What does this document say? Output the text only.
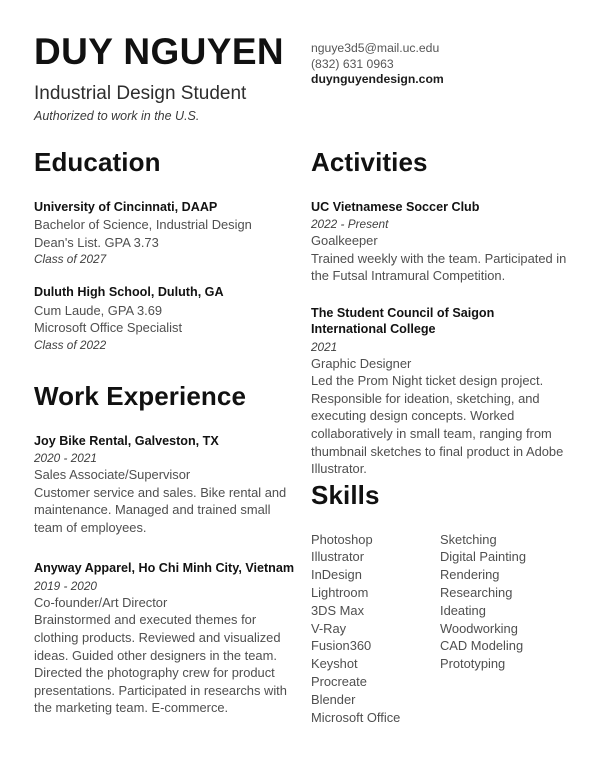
DUY NGUYEN
Industrial Design Student
Authorized to work in the U.S.
nguye3d5@mail.uc.edu
(832) 631 0963
duynguyendesign.com
Education
University of Cincinnati, DAAP
Bachelor of Science, Industrial Design
Dean's List. GPA 3.73
Class of 2027
Duluth High School, Duluth, GA
Cum Laude, GPA 3.69
Microsoft Office Specialist
Class of 2022
Work Experience
Joy Bike Rental, Galveston, TX
2020 - 2021
Sales Associate/Supervisor
Customer service and sales. Bike rental and maintenance. Managed and trained small team of employees.
Anyway Apparel, Ho Chi Minh City, Vietnam
2019 - 2020
Co-founder/Art Director
Brainstormed and executed themes for clothing products. Reviewed and visualized ideas. Guided other designers in the team. Directed the photography crew for product presentations. Participated in researchs with the marketing team. E-commerce.
Activities
UC Vietnamese Soccer Club
2022 - Present
Goalkeeper
Trained weekly with the team. Participated in the Futsal Intramural Competition.
The Student Council of Saigon International College
2021
Graphic Designer
Led the Prom Night ticket design project. Responsible for ideation, sketching, and executing design concepts. Worked collaboratively in small team, ranging from thumbnail sketches to final product in Adobe Illustrator.
Skills
Photoshop
Illustrator
InDesign
Lightroom
3DS Max
V-Ray
Fusion360
Keyshot
Procreate
Blender
Microsoft Office
Sketching
Digital Painting
Rendering
Researching
Ideating
Woodworking
CAD Modeling
Prototyping
